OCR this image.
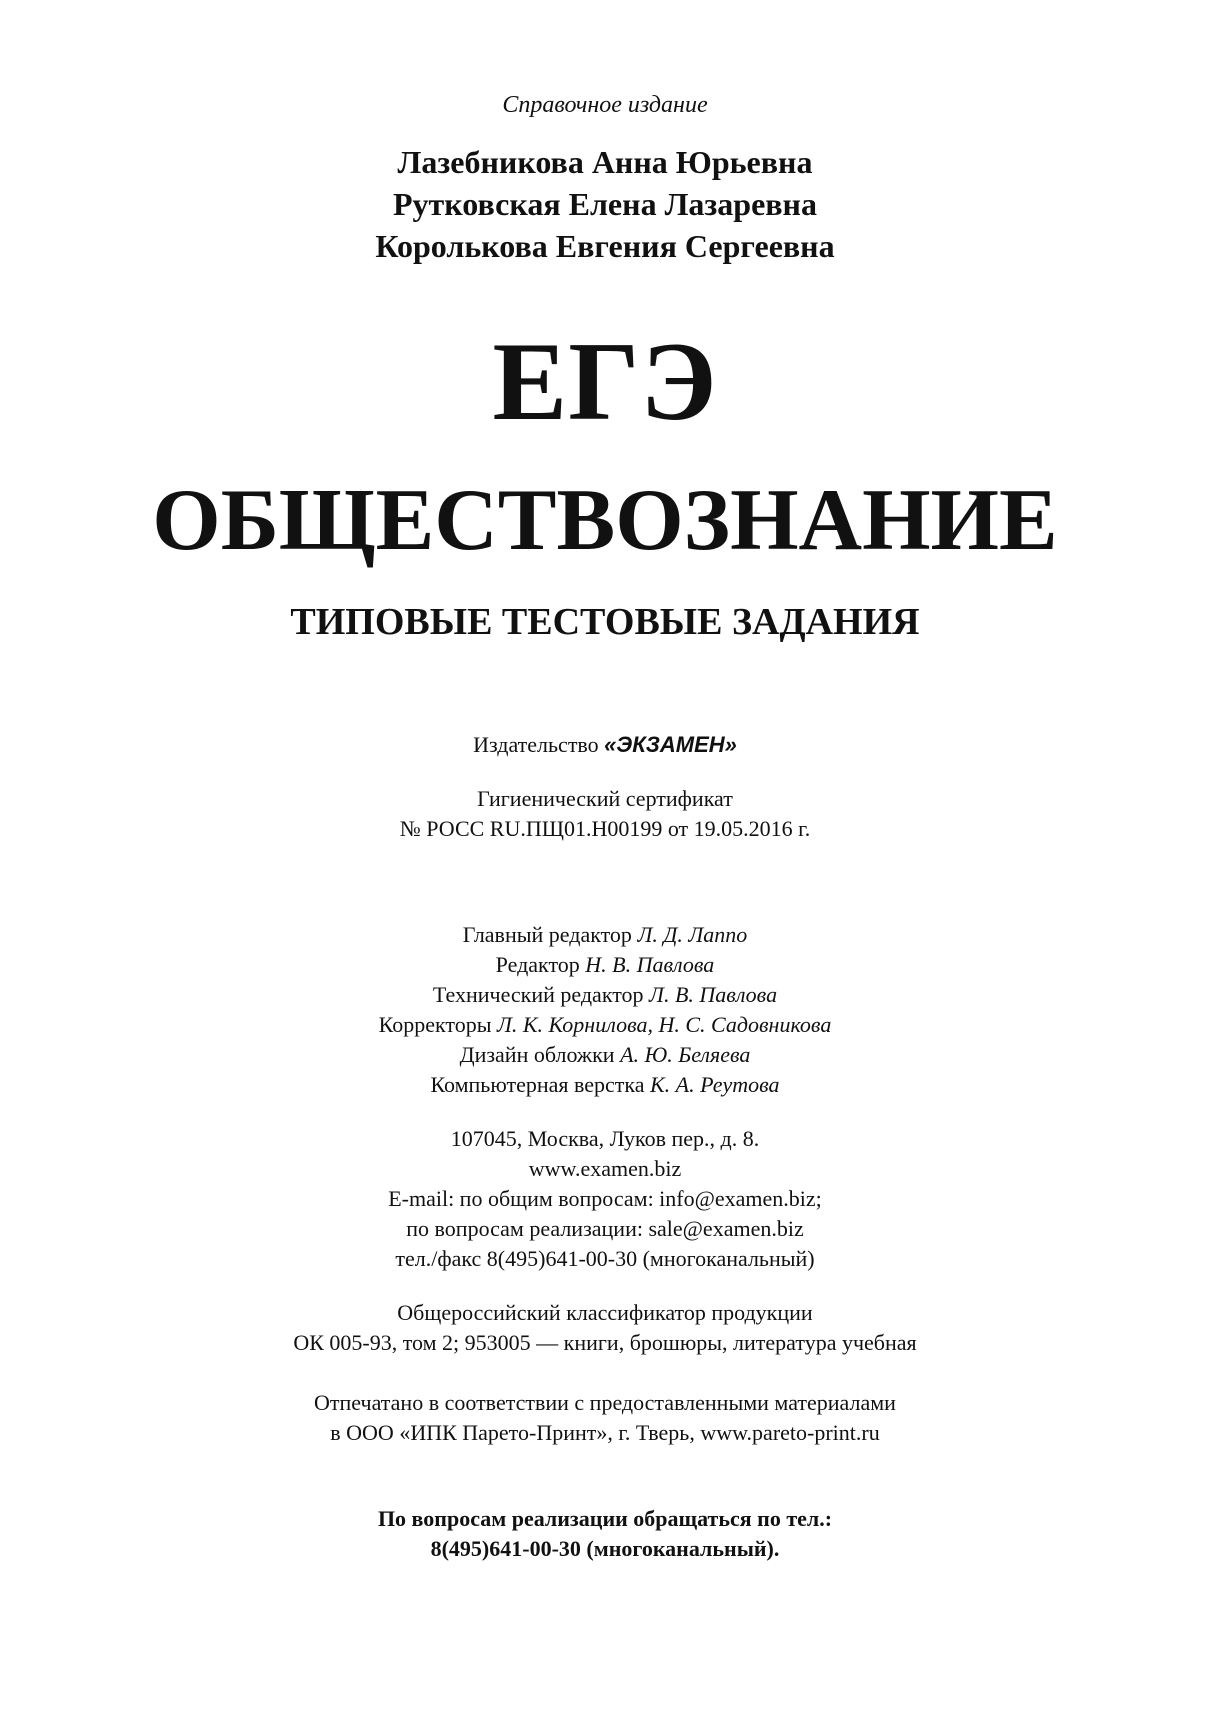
Справочное издание
Лазебникова Анна Юрьевна
Рутковская Елена Лазаревна
Королькова Евгения Сергеевна
ЕГЭ
ОБЩЕСТВОЗНАНИЕ
ТИПОВЫЕ ТЕСТОВЫЕ ЗАДАНИЯ
Издательство «ЭКЗАМЕН»
Гигиенический сертификат
№ РОСС RU.ПЩ01.Н00199 от 19.05.2016 г.
Главный редактор Л. Д. Лаппо
Редактор Н. В. Павлова
Технический редактор Л. В. Павлова
Корректоры Л. К. Корнилова, Н. С. Садовникова
Дизайн обложки А. Ю. Беляева
Компьютерная верстка К. А. Реутова
107045, Москва, Луков пер., д. 8.
www.examen.biz
E-mail: по общим вопросам: info@examen.biz;
по вопросам реализации: sale@examen.biz
тел./факс 8(495)641-00-30 (многоканальный)
Общероссийский классификатор продукции
ОК 005-93, том 2; 953005 — книги, брошюры, литература учебная
Отпечатано в соответствии с предоставленными материалами
в ООО «ИПК Парето-Принт», г. Тверь, www.pareto-print.ru
По вопросам реализации обращаться по тел.:
8(495)641-00-30 (многоканальный).
